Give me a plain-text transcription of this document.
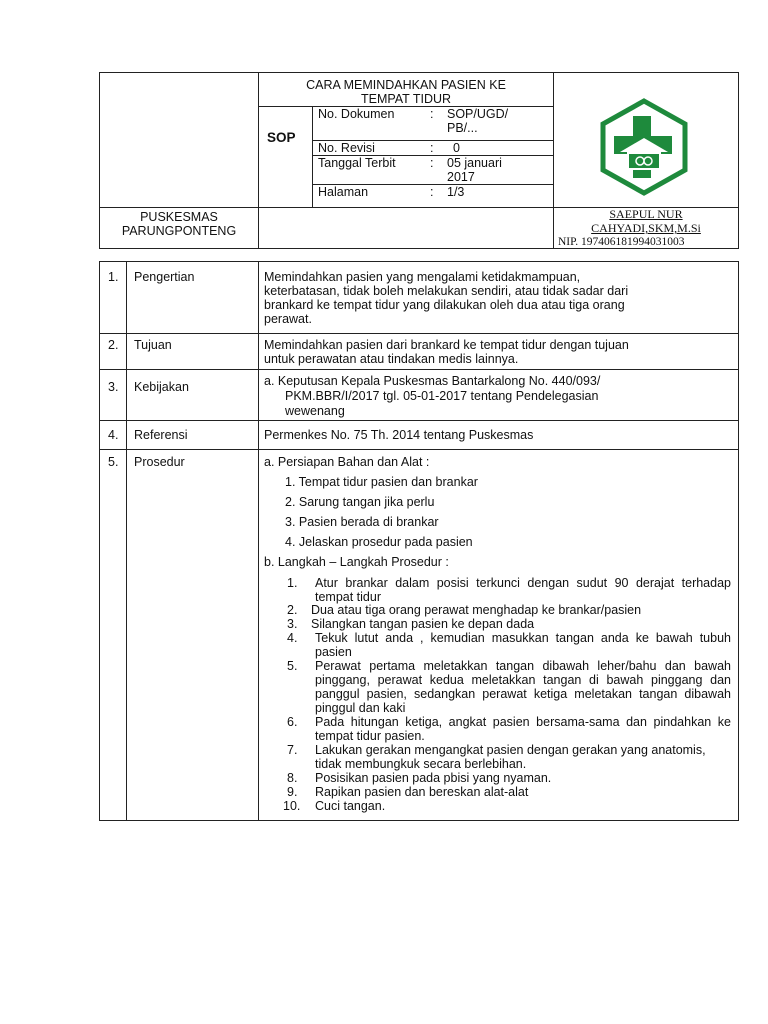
CARA MEMINDAHKAN PASIEN KE
TEMPAT TIDUR
SOP
No. Dokumen	: SOP/UGD/
PB/...
No. Revisi	: 0
Tanggal Terbit	: 05 januari
2017
Halaman	: 1/3
PUSKESMAS
PARUNGPONTENG
SAEPUL NUR
CAHYADI,SKM,M.Si
NIP. 197406181994031003
1. Pengertian	Memindahkan pasien yang mengalami ketidakmampuan,
keterbatasan, tidak boleh melakukan sendiri, atau tidak sadar dari
brankard ke tempat tidur yang dilakukan oleh dua atau tiga orang
perawat.
2. Tujuan	Memindahkan pasien dari brankard ke tempat tidur dengan tujuan
untuk perawatan atau tindakan medis lainnya.
3. Kebijakan	a. Keputusan Kepala Puskesmas Bantarkalong No. 440/093/
PKM.BBR/I/2017 tgl. 05-01-2017 tentang Pendelegasian
wewenang
4. Referensi	Permenkes No. 75 Th. 2014 tentang Puskesmas
5. Prosedur	a. Persiapan Bahan dan Alat :
1. Tempat tidur pasien dan brankar
2. Sarung tangan jika perlu
3. Pasien berada di brankar
4. Jelaskan prosedur pada pasien
b. Langkah – Langkah Prosedur :
1.	Atur brankar dalam posisi terkunci dengan sudut 90 derajat terhadap tempat tidur
2.	Dua atau tiga orang perawat menghadap ke brankar/pasien
3.	Silangkan tangan pasien ke depan dada
4.	Tekuk lutut anda , kemudian masukkan tangan anda ke bawah tubuh pasien
5.	Perawat pertama meletakkan tangan dibawah leher/bahu dan bawah pinggang, perawat kedua meletakkan tangan di bawah pinggang dan panggul pasien, sedangkan perawat ketiga meletakan tangan dibawah pinggul dan kaki
6.	Pada hitungan ketiga, angkat pasien bersama-sama dan pindahkan ke tempat tidur pasien.
7.	Lakukan gerakan mengangkat pasien dengan gerakan yang anatomis, tidak membungkuk secara berlebihan.
8.	Posisikan pasien pada pbisi yang nyaman.
9.	Rapikan pasien dan bereskan alat-alat
10.	Cuci tangan.
